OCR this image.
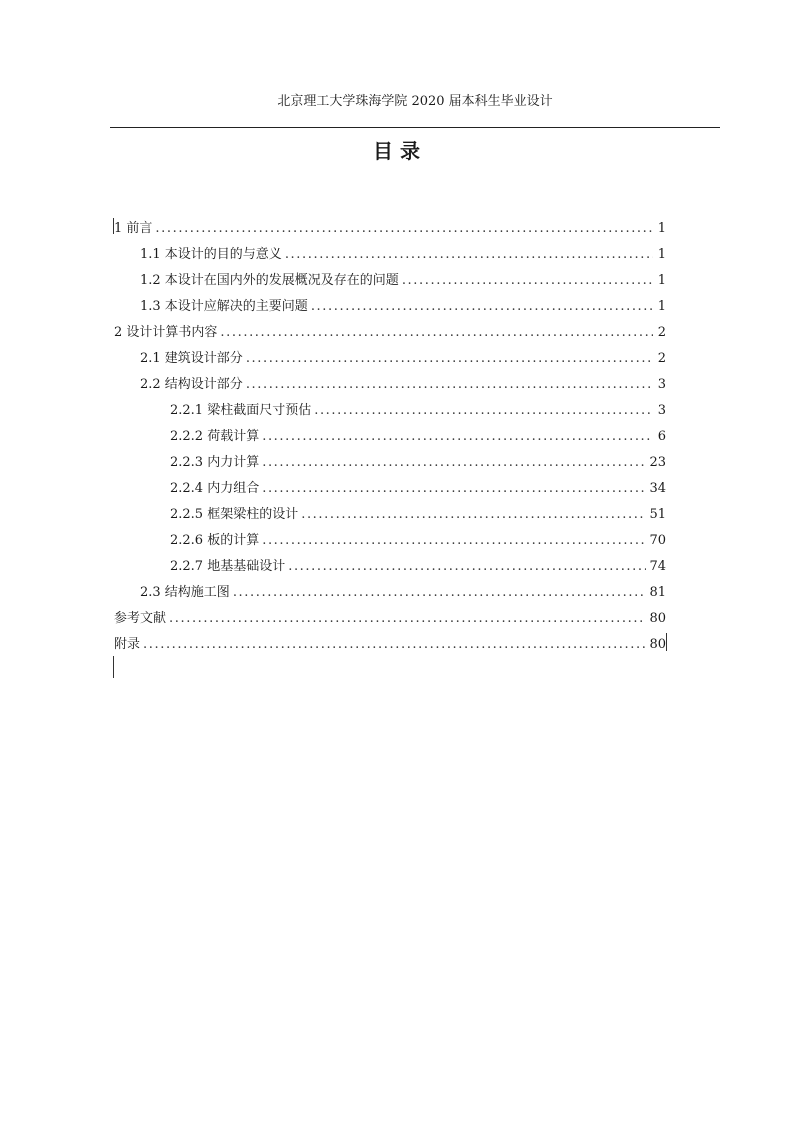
北京理工大学珠海学院 2020 届本科生毕业设计
目 录
1 前言 .....	1
1.1 本设计的目的与意义 .....	1
1.2 本设计在国内外的发展概况及存在的问题 .....	1
1.3 本设计应解决的主要问题 .....	1
2 设计计算书内容 .....	2
2.1 建筑设计部分 .....	2
2.2 结构设计部分 .....	3
2.2.1 梁柱截面尺寸预估 .....	3
2.2.2 荷载计算 .....	6
2.2.3 内力计算 .....	23
2.2.4 内力组合 .....	34
2.2.5 框架梁柱的设计 .....	51
2.2.6 板的计算 .....	70
2.2.7 地基基础设计 .....	74
2.3 结构施工图 .....	81
参考文献 .....	80
附录 .....	80
